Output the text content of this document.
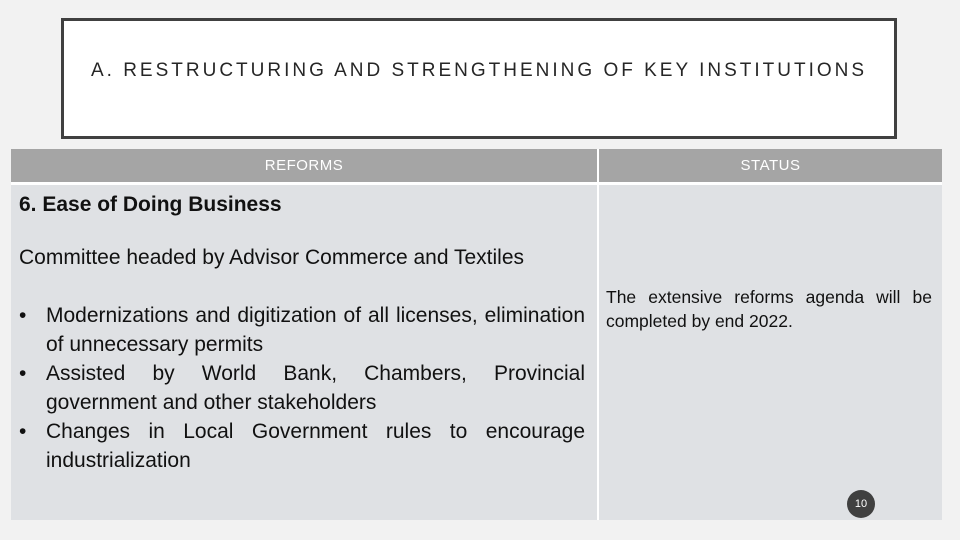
A. RESTRUCTURING AND STRENGTHENING OF KEY INSTITUTIONS
REFORMS	STATUS
6. Ease of Doing Business
Committee headed by Advisor Commerce and Textiles
• Modernizations and digitization of all licenses, elimination of unnecessary permits
• Assisted by World Bank, Chambers, Provincial government and other stakeholders
• Changes in Local Government rules to encourage industrialization
The extensive reforms agenda will be completed by end 2022.
10
